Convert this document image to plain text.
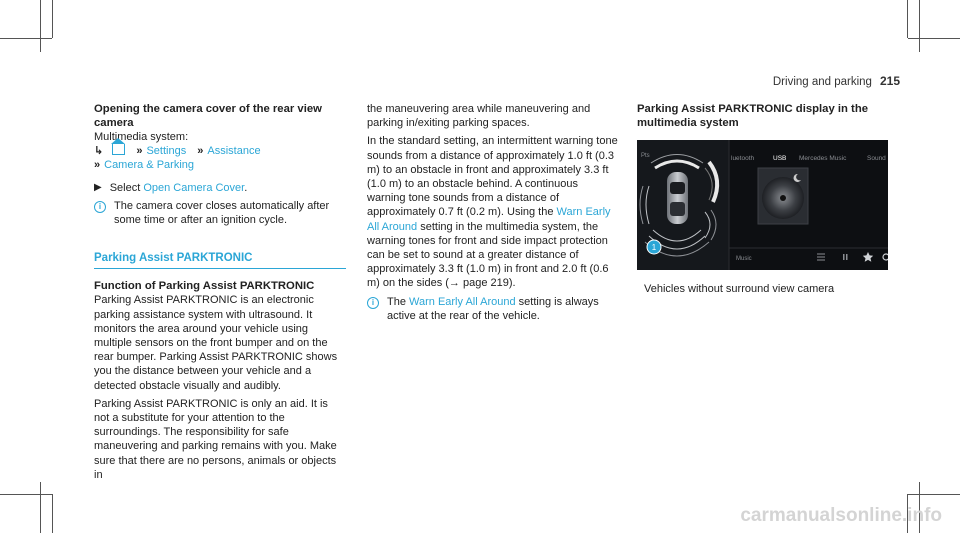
Driving and parking 215

Opening the camera cover of the rear view camera

Multimedia system:

↳	» Settings » Assistance

» Camera & Parking

▶ Select Open Camera Cover.
i	The camera cover closes automatically after some time or after an ignition cycle.
Parking Assist PARKTRONIC

Function of Parking Assist PARKTRONIC

Parking Assist PARKTRONIC is an electronic parking assistance system with ultrasound. It monitors the area around your vehicle using multiple sensors on the front bumper and on the rear bumper. Parking Assist PARKTRONIC shows you the distance between your vehicle and a detected obstacle visually and audibly.

Parking Assist PARKTRONIC is only an aid. It is not a substitute for your attention to the surroundings. The responsibility for safe maneuvering and parking remains with you. Make sure that there are no persons, animals or objects in

the maneuvering area while maneuvering and parking in/exiting parking spaces.

In the standard setting, an intermittent warning tone sounds from a distance of approximately 1.0 ft (0.3 m) to an obstacle in front and approximately 3.3 ft (1.0 m) to an obstacle behind. A continuous warning tone sounds from a distance of approximately 0.7 ft (0.2 m). Using the Warn Early All Around setting in the multimedia system, the warning tones for front and side impact protection can be set to sound at a greater distance of approximately 3.3 ft (1.0 m) in front and 2.0 ft (0.6 m) on the sides (→ page 219).

i	The Warn Early All Around setting is always active at the rear of the vehicle.

Parking Assist PARKTRONIC display in the multimedia system

Pts
1
luetooth	USB Mercedes Music	Sound
Music
Vehicles without surround view camera
carmanualsonline.info
